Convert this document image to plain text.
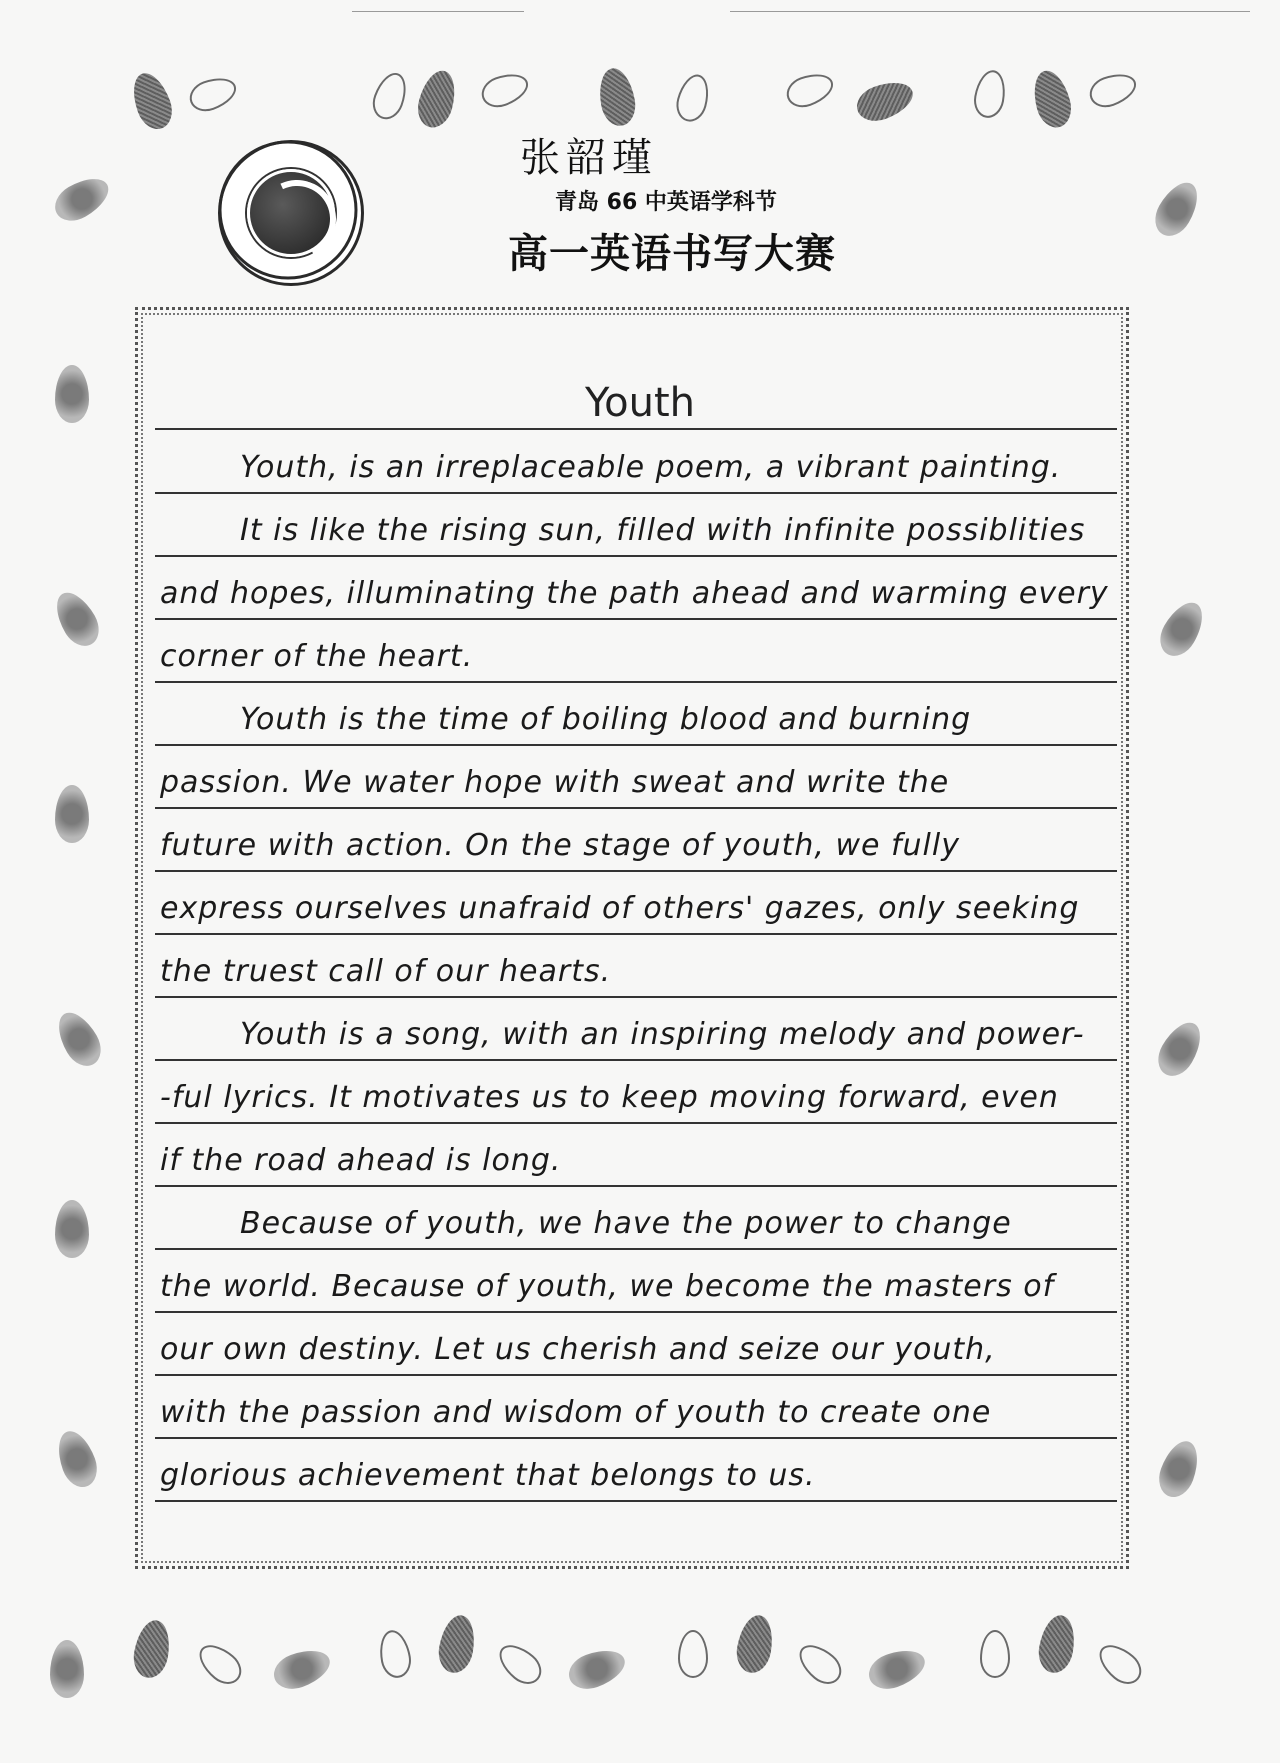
张韶瑾
青岛 66 中英语学科节
高一英语书写大赛
Youth
Youth, is an irreplaceable poem, a vibrant painting.
It is like the rising sun, filled with infinite possiblities
and hopes, illuminating the path ahead and warming every
corner of the heart.
Youth is the time of boiling blood and burning
passion. We water hope with sweat and write the
future with action. On the stage of youth, we fully
express ourselves unafraid of others' gazes, only seeking
the truest call of our hearts.
Youth is a song, with an inspiring melody and power-
-ful lyrics. It motivates us to keep moving forward, even
if the road ahead is long.
Because of youth, we have the power to change
the world. Because of youth, we become the masters of
our own destiny. Let us cherish and seize our youth,
with the passion and wisdom of youth to create one
glorious achievement that belongs to us.
